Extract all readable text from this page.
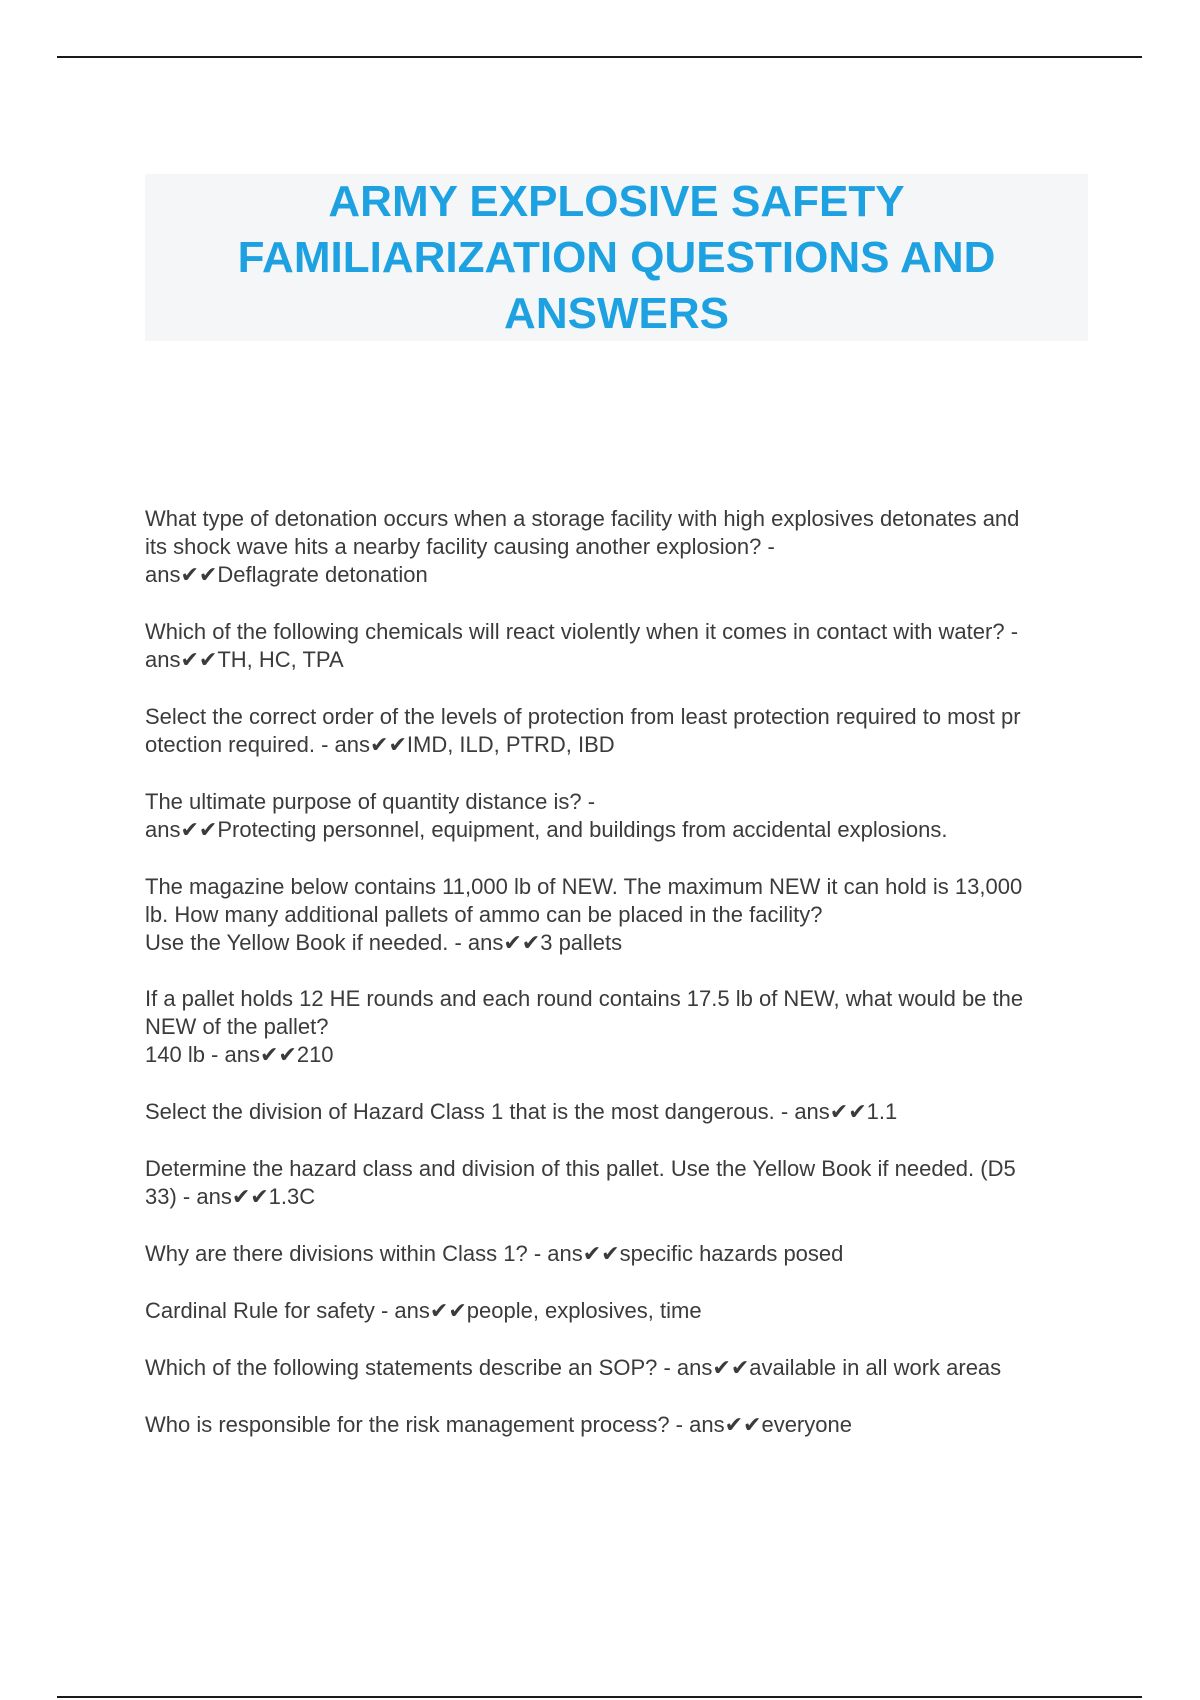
ARMY EXPLOSIVE SAFETY FAMILIARIZATION QUESTIONS AND ANSWERS
What type of detonation occurs when a storage facility with high explosives detonates and
its shock wave hits a nearby facility causing another explosion? -
ans✔✔Deflagrate detonation
Which of the following chemicals will react violently when it comes in contact with water? -
ans✔✔TH, HC, TPA
Select the correct order of the levels of protection from least protection required to most pr
otection required. - ans✔✔IMD, ILD, PTRD, IBD
The ultimate purpose of quantity distance is? -
ans✔✔Protecting personnel, equipment, and buildings from accidental explosions.
The magazine below contains 11,000 lb of NEW. The maximum NEW it can hold is 13,000
lb. How many additional pallets of ammo can be placed in the facility?
Use the Yellow Book if needed. - ans✔✔3 pallets
If a pallet holds 12 HE rounds and each round contains 17.5 lb of NEW, what would be the
NEW of the pallet?
140 lb - ans✔✔210
Select the division of Hazard Class 1 that is the most dangerous. - ans✔✔1.1
Determine the hazard class and division of this pallet. Use the Yellow Book if needed. (D5
33) - ans✔✔1.3C
Why are there divisions within Class 1? - ans✔✔specific hazards posed
Cardinal Rule for safety - ans✔✔people, explosives, time
Which of the following statements describe an SOP? - ans✔✔available in all work areas
Who is responsible for the risk management process? - ans✔✔everyone
